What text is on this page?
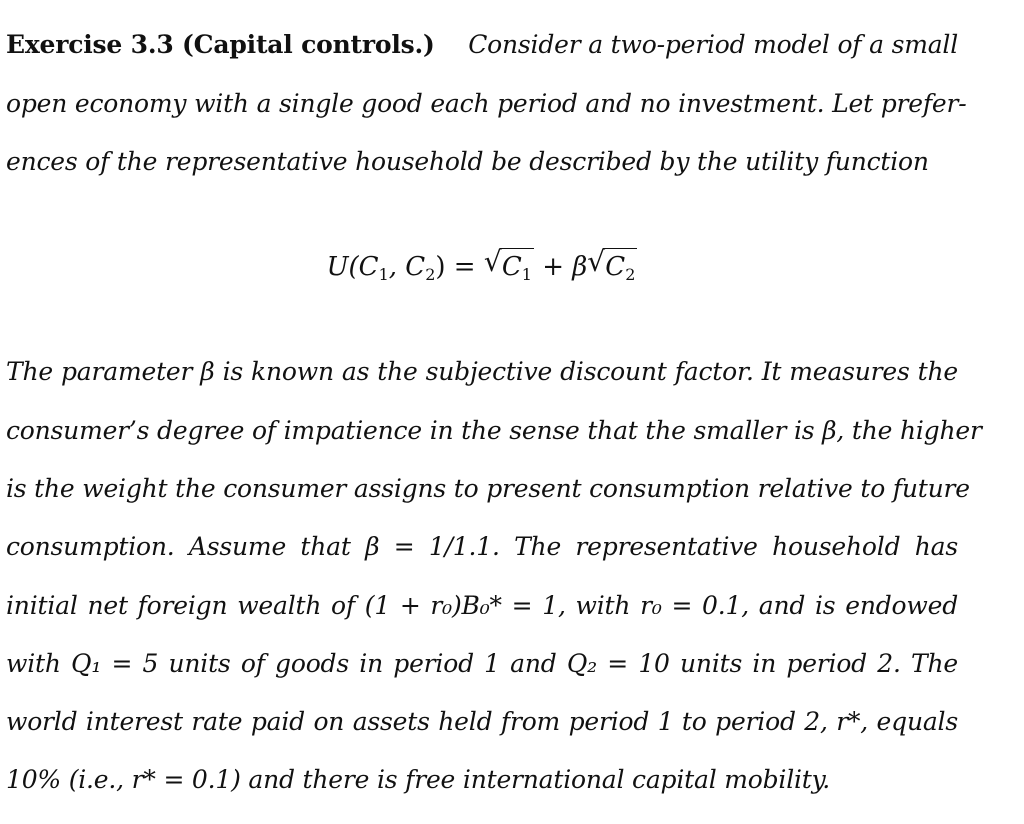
Exercise 3.3 (Capital controls.) Consider a two-period model of a small
open economy with a single good each period and no investment. Let prefer-
ences of the representative household be described by the utility function
$U(C_1$, $C_2$) = √ $C_1 + \beta$ √ $C_2$
The parameter β is known as the subjective discount factor. It measures the
consumer’s degree of impatience in the sense that the smaller is β, the higher
is the weight the consumer assigns to present consumption relative to future
consumption. Assume that β = 1/1.1. The representative household has
initial net foreign wealth of (1 + r₀)B₀* = 1, with r₀ = 0.1, and is endowed
with Q₁ = 5 units of goods in period 1 and Q₂ = 10 units in period 2. The
world interest rate paid on assets held from period 1 to period 2, r*, equals
10% (i.e., r* = 0.1) and there is free international capital mobility.
